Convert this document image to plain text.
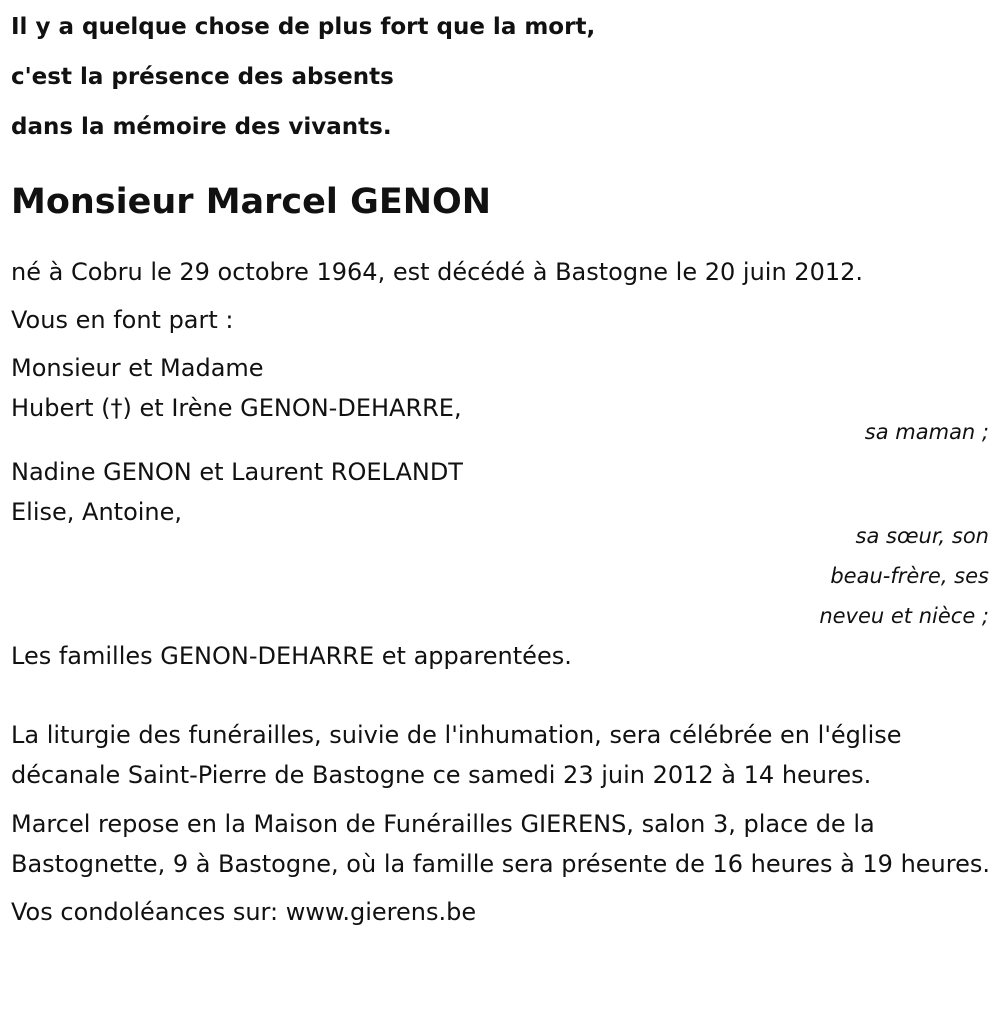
Il y a quelque chose de plus fort que la mort,
c'est la présence des absents
dans la mémoire des vivants.
Monsieur Marcel GENON
né à Cobru le 29 octobre 1964, est décédé à Bastogne le 20 juin 2012.
Vous en font part :
Monsieur et Madame
Hubert (†) et Irène GENON-DEHARRE,
sa maman ;
Nadine GENON et Laurent ROELANDT
Elise, Antoine,
sa sœur, son
beau-frère, ses
neveu et nièce ;
Les familles GENON-DEHARRE et apparentées.
La liturgie des funérailles, suivie de l'inhumation, sera célébrée en l'église décanale Saint-Pierre de Bastogne ce samedi 23 juin 2012 à 14 heures.
Marcel repose en la Maison de Funérailles GIERENS, salon 3, place de la Bastognette, 9 à Bastogne, où la famille sera présente de 16 heures à 19 heures.
Vos condoléances sur: www.gierens.be
